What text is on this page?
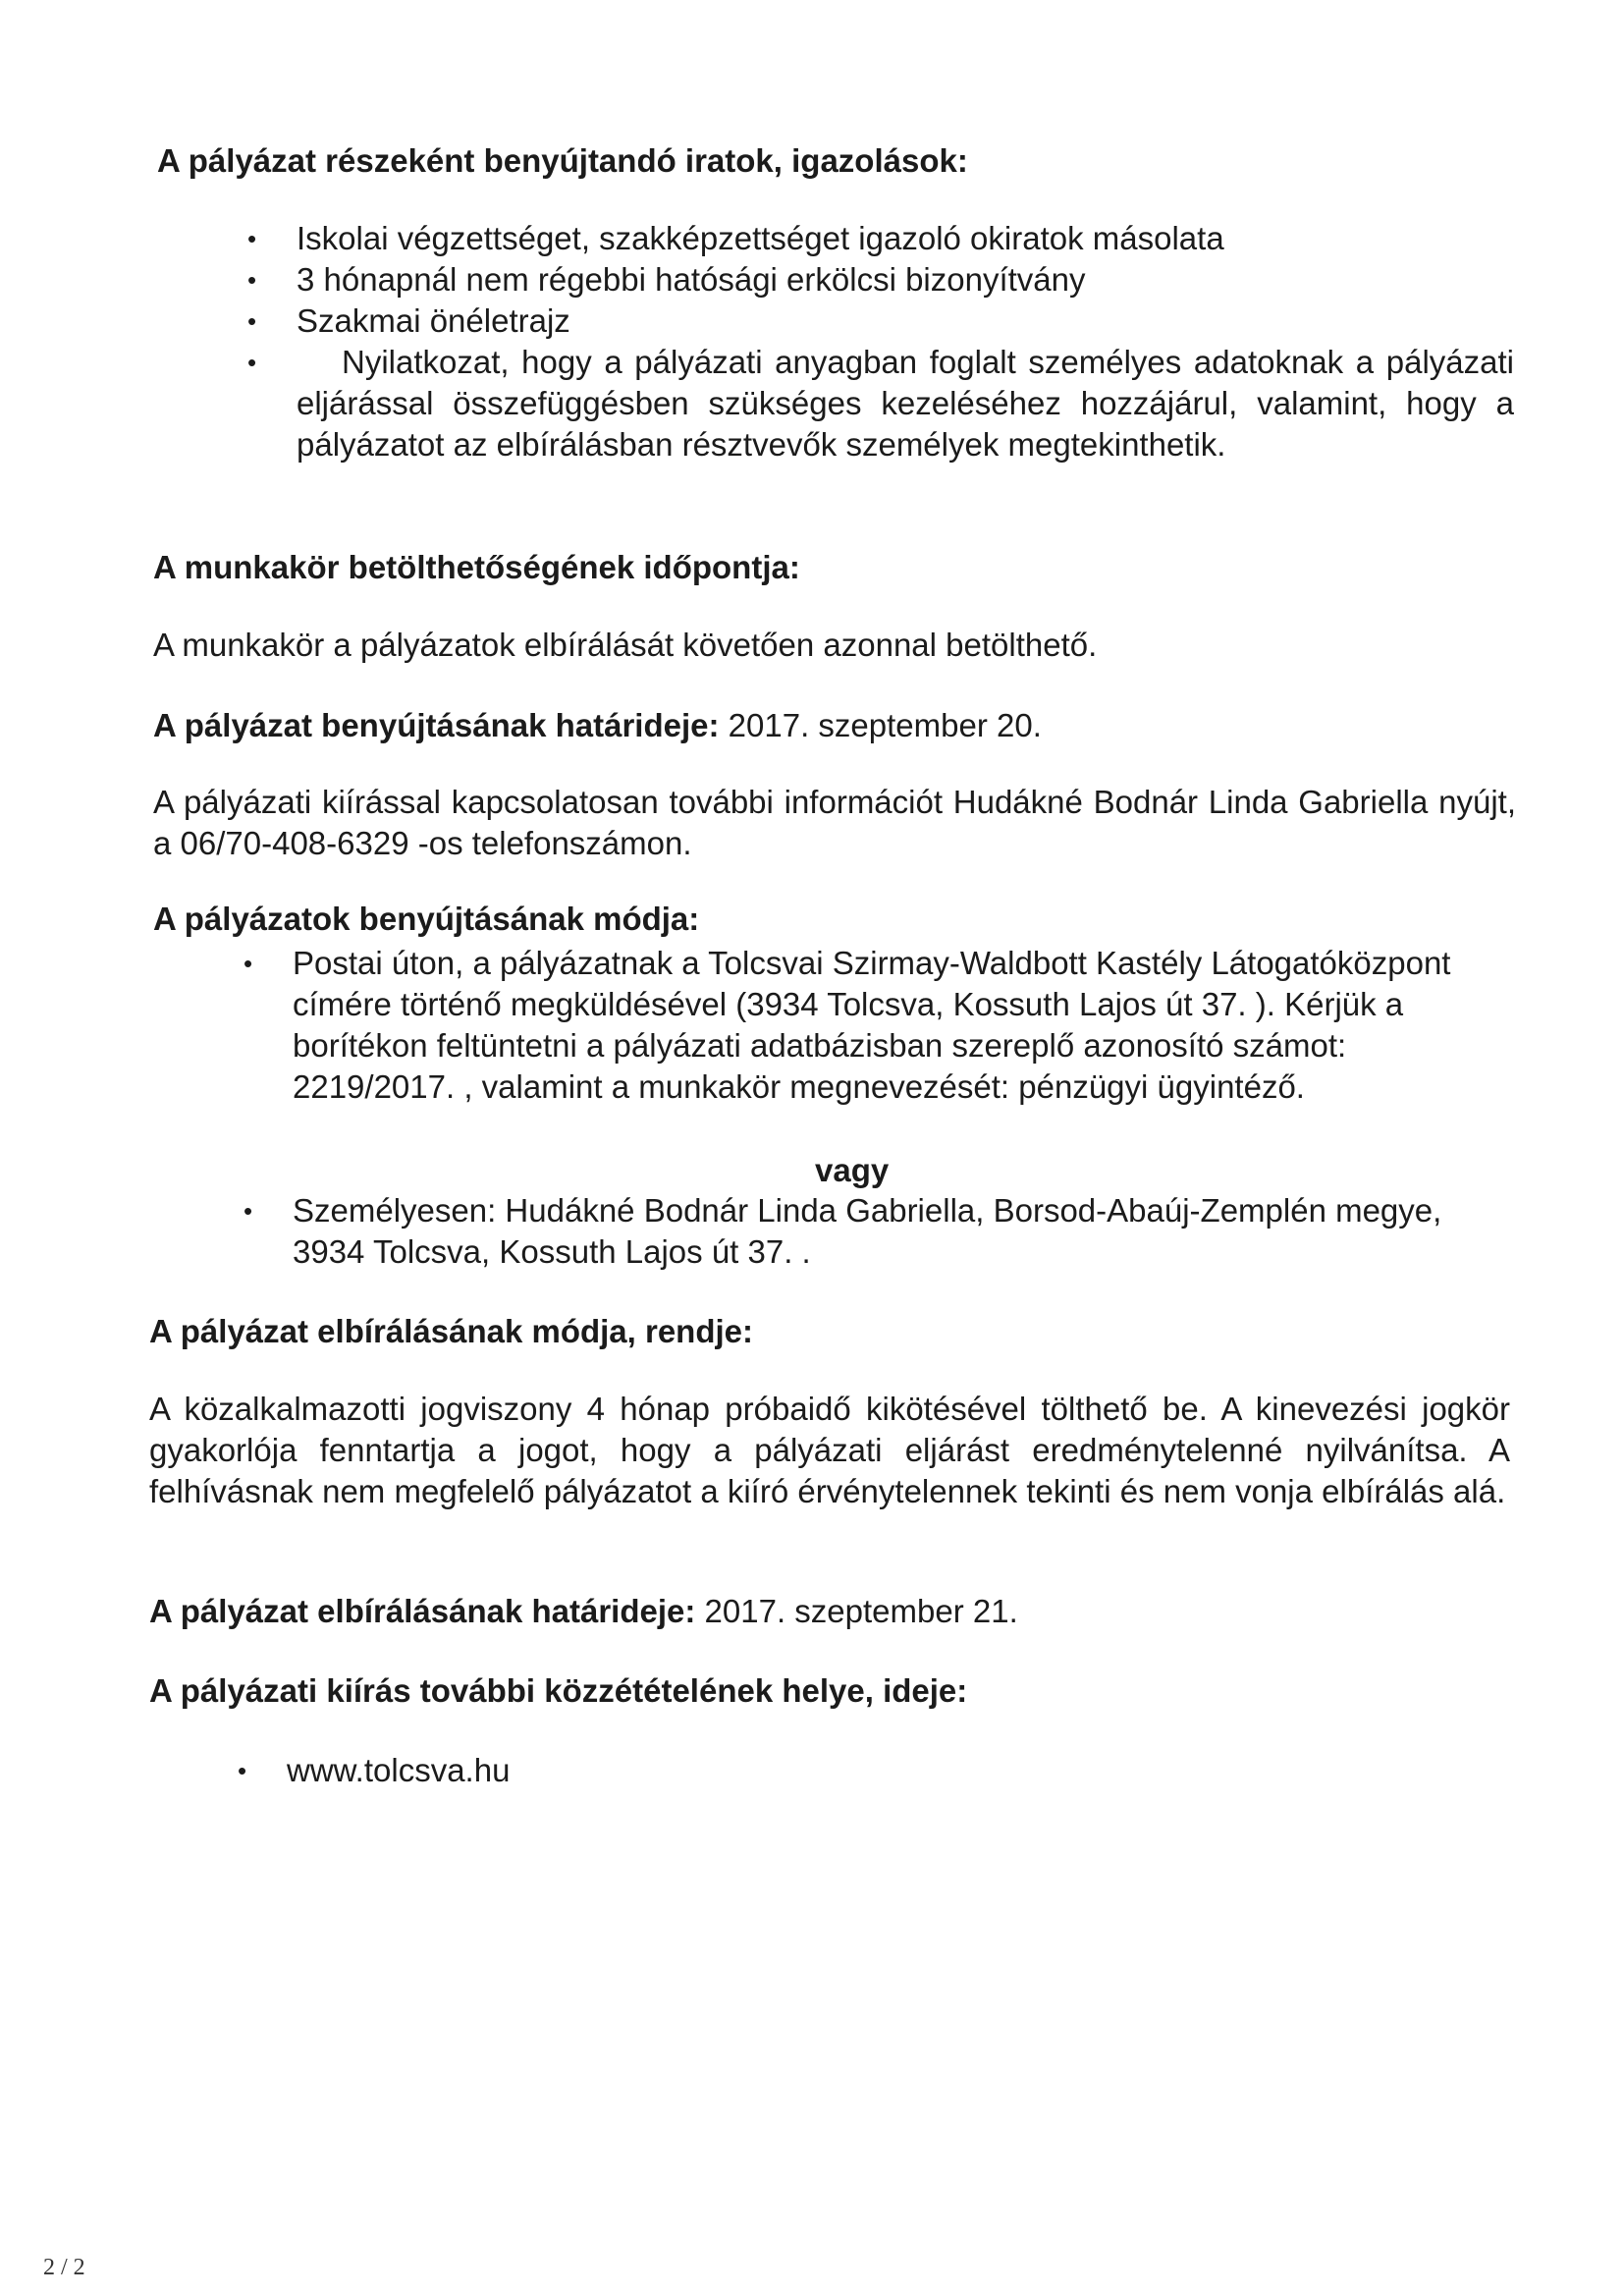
A pályázat részeként benyújtandó iratok, igazolások:
• Iskolai végzettséget, szakképzettséget igazoló okiratok másolata
• 3 hónapnál nem régebbi hatósági erkölcsi bizonyítvány
• Szakmai önéletrajz
•	Nyilatkozat, hogy a pályázati anyagban foglalt személyes adatoknak a pályázati eljárással összefüggésben szükséges kezeléséhez hozzájárul, valamint, hogy a pályázatot az elbírálásban résztvevők személyek megtekinthetik.
A munkakör betölthetőségének időpontja:
A munkakör a pályázatok elbírálását követően azonnal betölthető.
A pályázat benyújtásának határideje: 2017. szeptember 20.
A pályázati kiírással kapcsolatosan további információt Hudákné Bodnár Linda Gabriella nyújt, a 06/70-408-6329 -os telefonszámon.
A pályázatok benyújtásának módja:
• Postai úton, a pályázatnak a Tolcsvai Szirmay-Waldbott Kastély Látogatóközpont címére történő megküldésével (3934 Tolcsva, Kossuth Lajos út 37. ). Kérjük a borítékon feltüntetni a pályázati adatbázisban szereplő azonosító számot: 2219/2017. , valamint a munkakör megnevezését: pénzügyi ügyintéző.
vagy
• Személyesen: Hudákné Bodnár Linda Gabriella, Borsod-Abaúj-Zemplén megye, 3934 Tolcsva, Kossuth Lajos út 37. .
A pályázat elbírálásának módja, rendje:
A közalkalmazotti jogviszony 4 hónap próbaidő kikötésével tölthető be. A kinevezési jogkör gyakorlója fenntartja a jogot, hogy a pályázati eljárást eredménytelenné nyilvánítsa. A felhívásnak nem megfelelő pályázatot a kiíró érvénytelennek tekinti és nem vonja elbírálás alá.
A pályázat elbírálásának határideje: 2017. szeptember 21.
A pályázati kiírás további közzétételének helye, ideje:
• www.tolcsva.hu
2 / 2
